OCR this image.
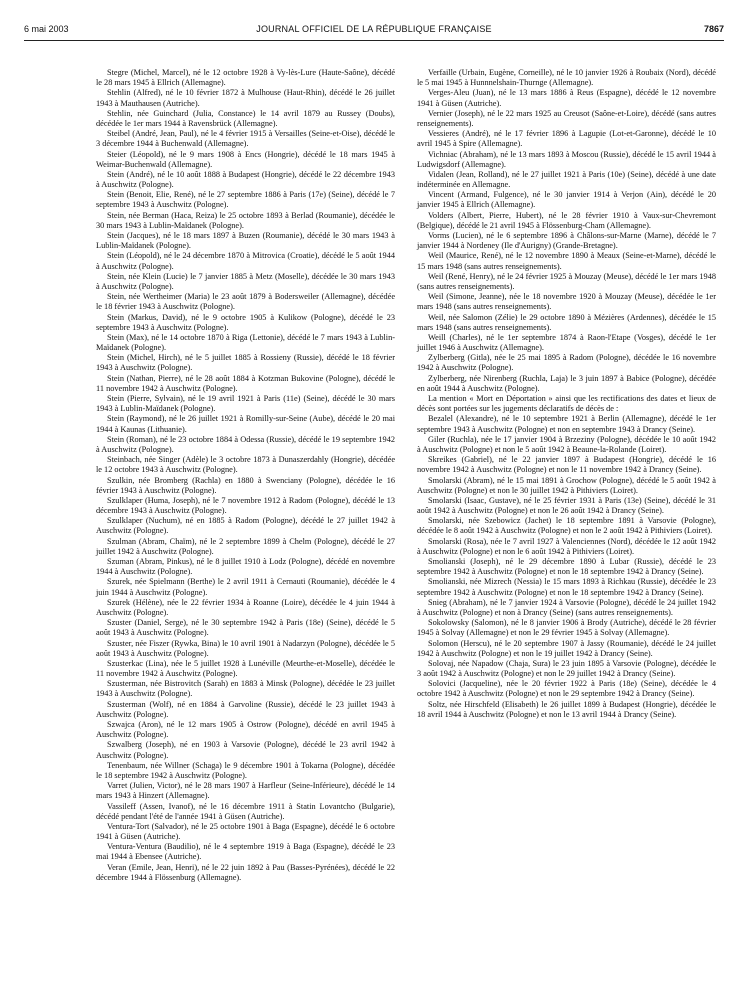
6 mai 2003	JOURNAL OFFICIEL DE LA RÉPUBLIQUE FRANÇAISE	7867

Stegre (Michel, Marcel), né le 12 octobre 1928 à Vy-lès-Lure (Haute-Saône), décédé le 28 mars 1945 à Ellrich (Allemagne).

Stehlin (Alfred), né le 10 février 1872 à Mulhouse (Haut-Rhin), décédé le 26 juillet 1943 à Mauthausen (Autriche).

Stehlin, née Guinchard (Julia, Constance) le 14 avril 1879 au Russey (Doubs), décédée le 1er mars 1944 à Ravensbrück (Allemagne).

Steibel (André, Jean, Paul), né le 4 février 1915 à Versailles (Seine-et-Oise), décédé le 3 décembre 1944 à Buchenwald (Allemagne).

Steier (Léopold), né le 9 mars 1908 à Encs (Hongrie), décédé le 18 mars 1945 à Weimar-Buchenwald (Allemagne).

Stein (André), né le 10 août 1888 à Budapest (Hongrie), décédé le 22 décembre 1943 à Auschwitz (Pologne).

Stein (Benoit, Elie, René), né le 27 septembre 1886 à Paris (17e) (Seine), décédé le 7 septembre 1943 à Auschwitz (Pologne).

Stein, née Berman (Haca, Reiza) le 25 octobre 1893 à Berlad (Roumanie), décédée le 30 mars 1943 à Lublin-Maïdanek (Pologne).

Stein (Jacques), né le 18 mars 1897 à Buzen (Roumanie), décédé le 30 mars 1943 à Lublin-Maïdanek (Pologne).

Stein (Léopold), né le 24 décembre 1870 à Mitrovica (Croatie), décédé le 5 août 1944 à Auschwitz (Pologne).

Stein, née Klein (Lucie) le 7 janvier 1885 à Metz (Moselle), décédée le 30 mars 1943 à Auschwitz (Pologne).

Stein, née Wertheimer (Maria) le 23 août 1879 à Bodersweiler (Allemagne), décédée le 18 février 1943 à Auschwitz (Pologne).

Stein (Markus, David), né le 9 octobre 1905 à Kulikow (Pologne), décédé le 23 septembre 1943 à Auschwitz (Pologne).

Stein (Max), né le 14 octobre 1870 à Riga (Lettonie), décédé le 7 mars 1943 à Lublin-Maïdanek (Pologne).

Stein (Michel, Hirch), né le 5 juillet 1885 à Rossieny (Russie), décédé le 18 février 1943 à Auschwitz (Pologne).

Stein (Nathan, Pierre), né le 28 août 1884 à Kotzman Bukovine (Pologne), décédé le 11 novembre 1942 à Auschwitz (Pologne).

Stein (Pierre, Sylvain), né le 19 avril 1921 à Paris (11e) (Seine), décédé le 30 mars 1943 à Lublin-Maïdanek (Pologne).

Stein (Raymond), né le 26 juillet 1921 à Romilly-sur-Seine (Aube), décédé le 20 mai 1944 à Kaunas (Lithuanie).

Stein (Roman), né le 23 octobre 1884 à Odessa (Russie), décédé le 19 septembre 1942 à Auschwitz (Pologne).

Steinbach, née Singer (Adèle) le 3 octobre 1873 à Dunaszerdahly (Hongrie), décédée le 12 octobre 1943 à Auschwitz (Pologne).

Szulkin, née Bromberg (Rachla) en 1880 à Swenciany (Pologne), décédée le 16 février 1943 à Auschwitz (Pologne).

Szulklaper (Huma, Joseph), né le 7 novembre 1912 à Radom (Pologne), décédé le 13 décembre 1943 à Auschwitz (Pologne).

Szulklaper (Nuchum), né en 1885 à Radom (Pologne), décédé le 27 juillet 1942 à Auschwitz (Pologne).

Szulman (Abram, Chaïm), né le 2 septembre 1899 à Chelm (Pologne), décédé le 27 juillet 1942 à Auschwitz (Pologne).

Szuman (Abram, Pinkus), né le 8 juillet 1910 à Lodz (Pologne), décédé en novembre 1944 à Auschwitz (Pologne).

Szurek, née Spielmann (Berthe) le 2 avril 1911 à Cernauti (Roumanie), décédée le 4 juin 1944 à Auschwitz (Pologne).

Szurek (Hélène), née le 22 février 1934 à Roanne (Loire), décédée le 4 juin 1944 à Auschwitz (Pologne).

Szuster (Daniel, Serge), né le 30 septembre 1942 à Paris (18e) (Seine), décédé le 5 août 1943 à Auschwitz (Pologne).

Szuster, née Fiszer (Rywka, Bina) le 10 avril 1901 à Nadarzyn (Pologne), décédée le 5 août 1943 à Auschwitz (Pologne).

Szusterkac (Lina), née le 5 juillet 1928 à Lunéville (Meurthe-et-Moselle), décédée le 11 novembre 1942 à Auschwitz (Pologne).

Szusterman, née Bistrovitch (Sarah) en 1883 à Minsk (Pologne), décédée le 23 juillet 1943 à Auschwitz (Pologne).

Szusterman (Wolf), né en 1884 à Garvoline (Russie), décédé le 23 juillet 1943 à Auschwitz (Pologne).

Szwajca (Aron), né le 12 mars 1905 à Ostrow (Pologne), décédé en avril 1945 à Auschwitz (Pologne).

Szwalberg (Joseph), né en 1903 à Varsovie (Pologne), décédé le 23 avril 1942 à Auschwitz (Pologne).

Tenenbaum, née Willner (Schaga) le 9 décembre 1901 à Tokarna (Pologne), décédée le 18 septembre 1942 à Auschwitz (Pologne).

Varret (Julien, Victor), né le 28 mars 1907 à Harfleur (Seine-Inférieure), décédé le 14 mars 1943 à Hinzert (Allemagne).

Vassileff (Assen, Ivanof), né le 16 décembre 1911 à Statin Lovantcho (Bulgarie), décédé pendant l'été de l'année 1941 à Güsen (Autriche).

Ventura-Tort (Salvador), né le 25 octobre 1901 à Baga (Espagne), décédé le 6 octobre 1941 à Güsen (Autriche).

Ventura-Ventura (Baudilio), né le 4 septembre 1919 à Baga (Espagne), décédé le 23 mai 1944 à Ebensee (Autriche).

Veran (Emile, Jean, Henri), né le 22 juin 1892 à Pau (Basses-Pyrénées), décédé le 22 décembre 1944 à Flössenburg (Allemagne).

Verfaille (Urbain, Eugène, Corneille), né le 10 janvier 1926 à Roubaix (Nord), décédé le 5 mai 1945 à Hunnnelshain-Thurnge (Allemagne).

Verges-Aleu (Juan), né le 13 mars 1886 à Reus (Espagne), décédé le 12 novembre 1941 à Güsen (Autriche).

Vernier (Joseph), né le 22 mars 1925 au Creusot (Saône-et-Loire), décédé (sans autres renseignements).

Vessieres (André), né le 17 février 1896 à Lagupie (Lot-et-Garonne), décédé le 10 avril 1945 à Spire (Allemagne).

Vichniac (Abraham), né le 13 mars 1893 à Moscou (Russie), décédé le 15 avril 1944 à Ludwigsdorf (Allemagne).

Vidalen (Jean, Rolland), né le 27 juillet 1921 à Paris (10e) (Seine), décédé à une date indéterminée en Allemagne.

Vincent (Armand, Fulgence), né le 30 janvier 1914 à Verjon (Ain), décédé le 20 janvier 1945 à Ellrich (Allemagne).

Volders (Albert, Pierre, Hubert), né le 28 février 1910 à Vaux-sur-Chevremont (Belgique), décédé le 21 avril 1945 à Flössenburg-Cham (Allemagne).

Vorms (Lucien), né le 6 septembre 1896 à Châlons-sur-Marne (Marne), décédé le 7 janvier 1944 à Nordeney (Ile d'Aurigny) (Grande-Bretagne).

Weil (Maurice, René), né le 12 novembre 1890 à Meaux (Seine-et-Marne), décédé le 15 mars 1948 (sans autres renseignements).

Weil (René, Henry), né le 24 février 1925 à Mouzay (Meuse), décédé le 1er mars 1948 (sans autres renseignements).

Weil (Simone, Jeanne), née le 18 novembre 1920 à Mouzay (Meuse), décédée le 1er mars 1948 (sans autres renseignements).

Weil, née Salomon (Zélie) le 29 octobre 1890 à Mézières (Ardennes), décédée le 15 mars 1948 (sans autres renseignements).

Weill (Charles), né le 1er septembre 1874 à Raon-l'Etape (Vosges), décédé le 1er juillet 1946 à Auschwitz (Allemagne).

Zylberberg (Gitla), née le 25 mai 1895 à Radom (Pologne), décédée le 16 novembre 1942 à Auschwitz (Pologne).

Zylberberg, née Nirenberg (Ruchla, Laja) le 3 juin 1897 à Babice (Pologne), décédée en août 1944 à Auschwitz (Pologne).

La mention « Mort en Déportation » ainsi que les rectifications des dates et lieux de décès sont portées sur les jugements déclaratifs de décès de :

Bezalel (Alexandre), né le 10 septembre 1921 à Berlin (Allemagne), décédé le 1er septembre 1943 à Auschwitz (Pologne) et non en septembre 1943 à Drancy (Seine).

Giler (Ruchla), née le 17 janvier 1904 à Brzeziny (Pologne), décédée le 10 août 1942 à Auschwitz (Pologne) et non le 5 août 1942 à Beaune-la-Rolande (Loiret).

Skreikes (Gabriel), né le 22 janvier 1897 à Budapest (Hongrie), décédé le 16 novembre 1942 à Auschwitz (Pologne) et non le 11 novembre 1942 à Drancy (Seine).

Smolarski (Abram), né le 15 mai 1891 à Grochow (Pologne), décédé le 5 août 1942 à Auschwitz (Pologne) et non le 30 juillet 1942 à Pithiviers (Loiret).

Smolarski (Isaac, Gustave), né le 25 février 1931 à Paris (13e) (Seine), décédé le 31 août 1942 à Auschwitz (Pologne) et non le 26 août 1942 à Drancy (Seine).

Smolarski, née Szebowicz (Jachet) le 18 septembre 1891 à Varsovie (Pologne), décédée le 8 août 1942 à Auschwitz (Pologne) et non le 2 août 1942 à Pithiviers (Loiret).

Smolarski (Rosa), née le 7 avril 1927 à Valenciennes (Nord), décédée le 12 août 1942 à Auschwitz (Pologne) et non le 6 août 1942 à Pithiviers (Loiret).

Smolianski (Joseph), né le 29 décembre 1890 à Lubar (Russie), décédé le 23 septembre 1942 à Auschwitz (Pologne) et non le 18 septembre 1942 à Drancy (Seine).

Smolianski, née Mizrech (Nessia) le 15 mars 1893 à Richkau (Russie), décédée le 23 septembre 1942 à Auschwitz (Pologne) et non le 18 septembre 1942 à Drancy (Seine).

Snieg (Abraham), né le 7 janvier 1924 à Varsovie (Pologne), décédé le 24 juillet 1942 à Auschwitz (Pologne) et non à Drancy (Seine) (sans autres renseignements).

Sokolowsky (Salomon), né le 8 janvier 1906 à Brody (Autriche), décédé le 28 février 1945 à Solvay (Allemagne) et non le 29 février 1945 à Solvay (Allemagne).

Solomon (Herscu), né le 20 septembre 1907 à Jassy (Roumanie), décédé le 24 juillet 1942 à Auschwitz (Pologne) et non le 19 juillet 1942 à Drancy (Seine).

Solovaj, née Napadow (Chaja, Sura) le 23 juin 1895 à Varsovie (Pologne), décédée le 3 août 1942 à Auschwitz (Pologne) et non le 29 juillet 1942 à Drancy (Seine).

Solovici (Jacqueline), née le 20 février 1922 à Paris (18e) (Seine), décédée le 4 octobre 1942 à Auschwitz (Pologne) et non le 29 septembre 1942 à Drancy (Seine).

Soltz, née Hirschfeld (Elisabeth) le 26 juillet 1899 à Budapest (Hongrie), décédée le 18 avril 1944 à Auschwitz (Pologne) et non le 13 avril 1944 à Drancy (Seine).
